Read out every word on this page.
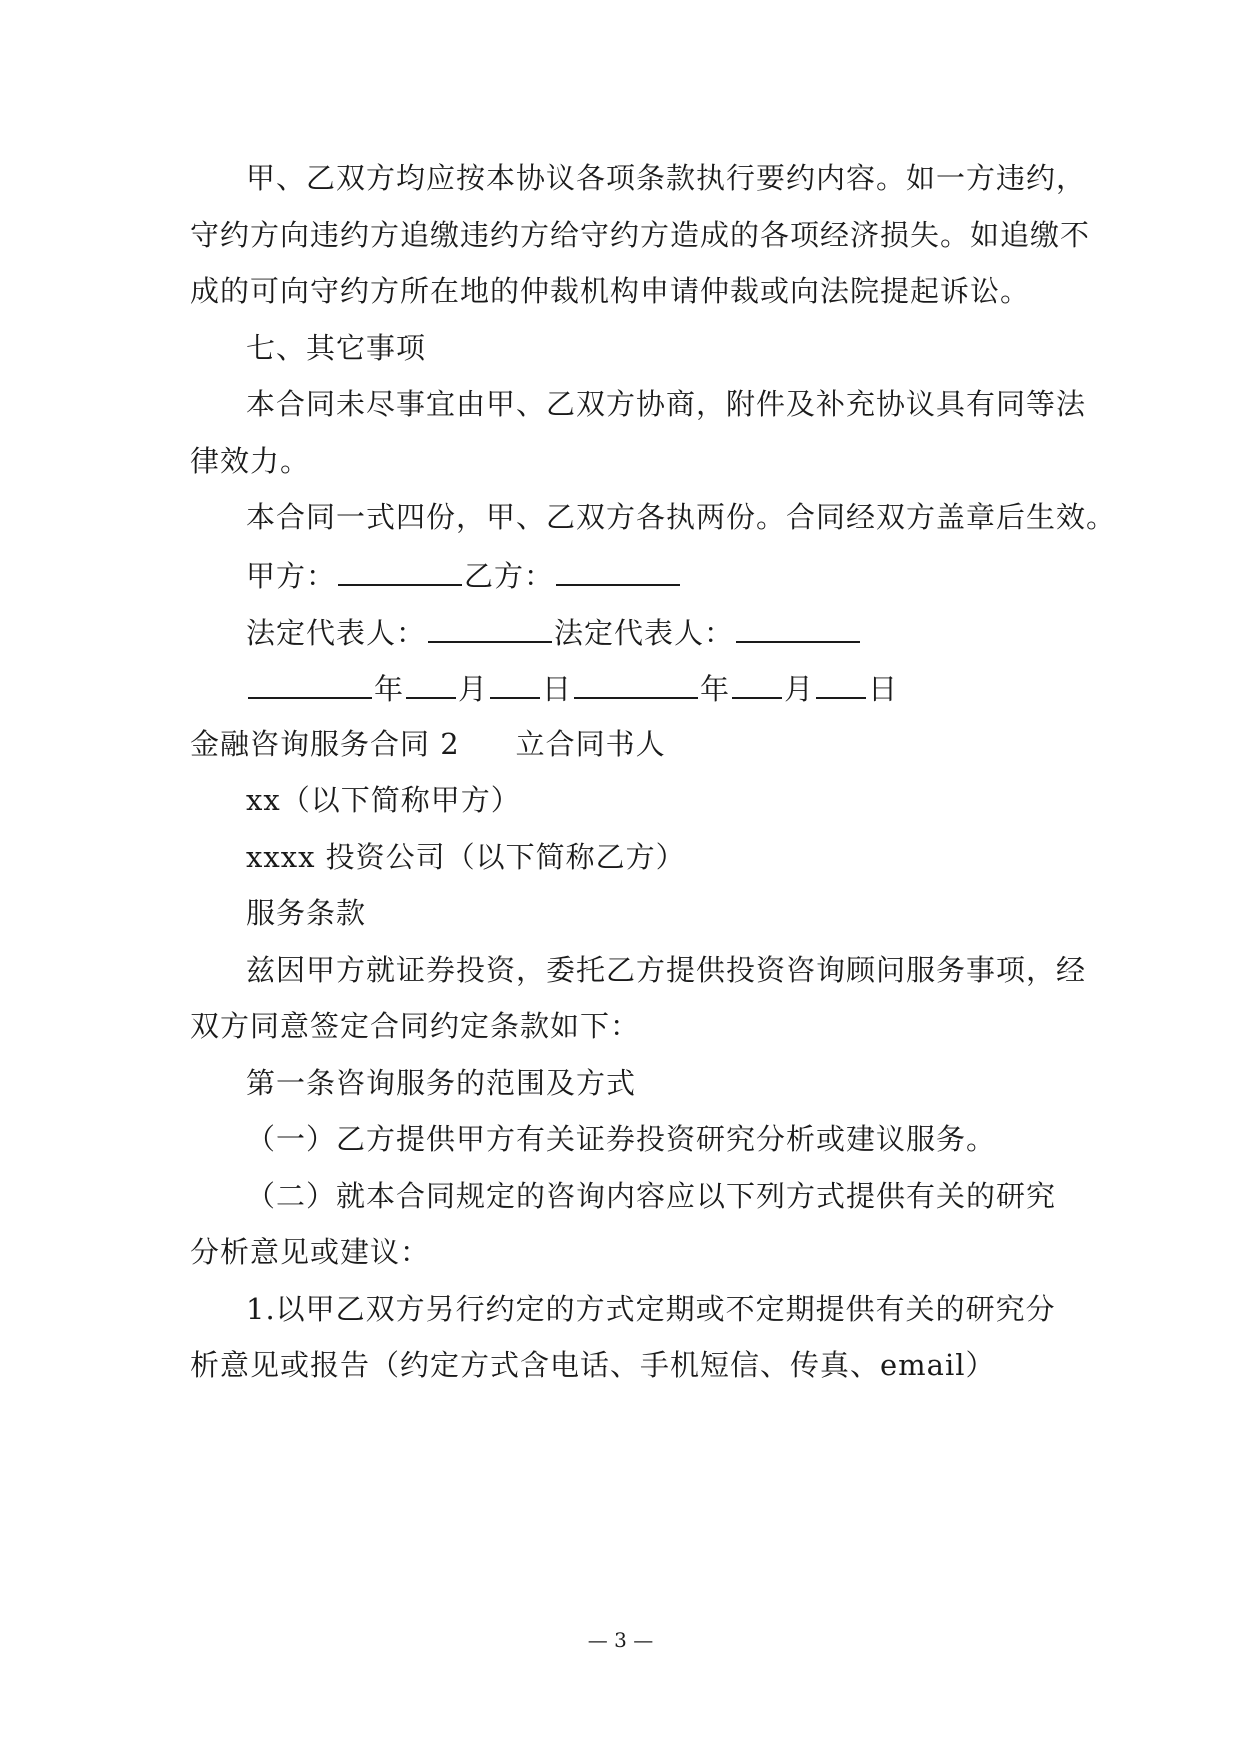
甲、乙双方均应按本协议各项条款执行要约内容。如一方违约，
守约方向违约方追缴违约方给守约方造成的各项经济损失。如追缴不
成的可向守约方所在地的仲裁机构申请仲裁或向法院提起诉讼。
七、其它事项
本合同未尽事宜由甲、乙双方协商，附件及补充协议具有同等法
律效力。
本合同一式四份，甲、乙双方各执两份。合同经双方盖章后生效。
甲方：	乙方：
法定代表人：	法定代表人：
年 月 日	年 月 日
金融咨询服务合同 2 立合同书人
xx（以下简称甲方）
xxxx 投资公司（以下简称乙方）
服务条款
兹因甲方就证券投资，委托乙方提供投资咨询顾问服务事项，经
双方同意签定合同约定条款如下：
第一条咨询服务的范围及方式
（一）乙方提供甲方有关证券投资研究分析或建议服务。
（二）就本合同规定的咨询内容应以下列方式提供有关的研究
分析意见或建议：
1.以甲乙双方另行约定的方式定期或不定期提供有关的研究分
析意见或报告（约定方式含电话、手机短信、传真、email）
— 3 —
